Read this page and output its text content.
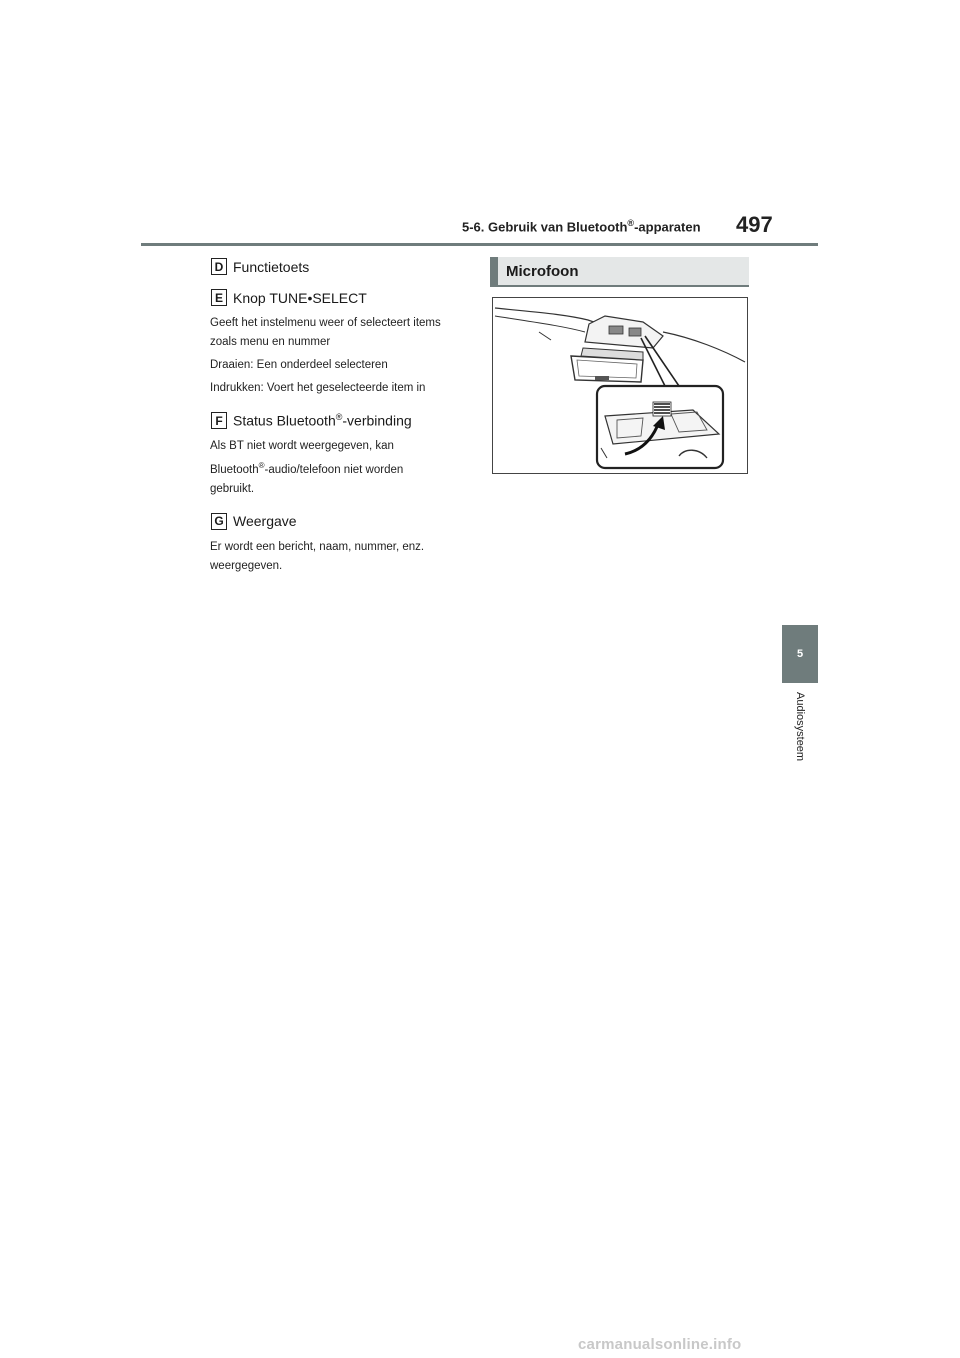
5-6. Gebruik van Bluetooth®-apparaten 497
5
Audiosysteem
D Functietoets
E Knop TUNE•SELECT

Geeft het instelmenu weer of selecteert items zoals menu en nummer

Draaien: Een onderdeel selecteren

Indrukken: Voert het geselecteerde item in

F Status Bluetooth®-verbinding

Als BT niet wordt weergegeven, kan

Bluetooth®-audio/telefoon niet worden

gebruikt.

G Weergave

Er wordt een bericht, naam, nummer, enz. weergegeven.

Microfoon
carmanualsonline.info
